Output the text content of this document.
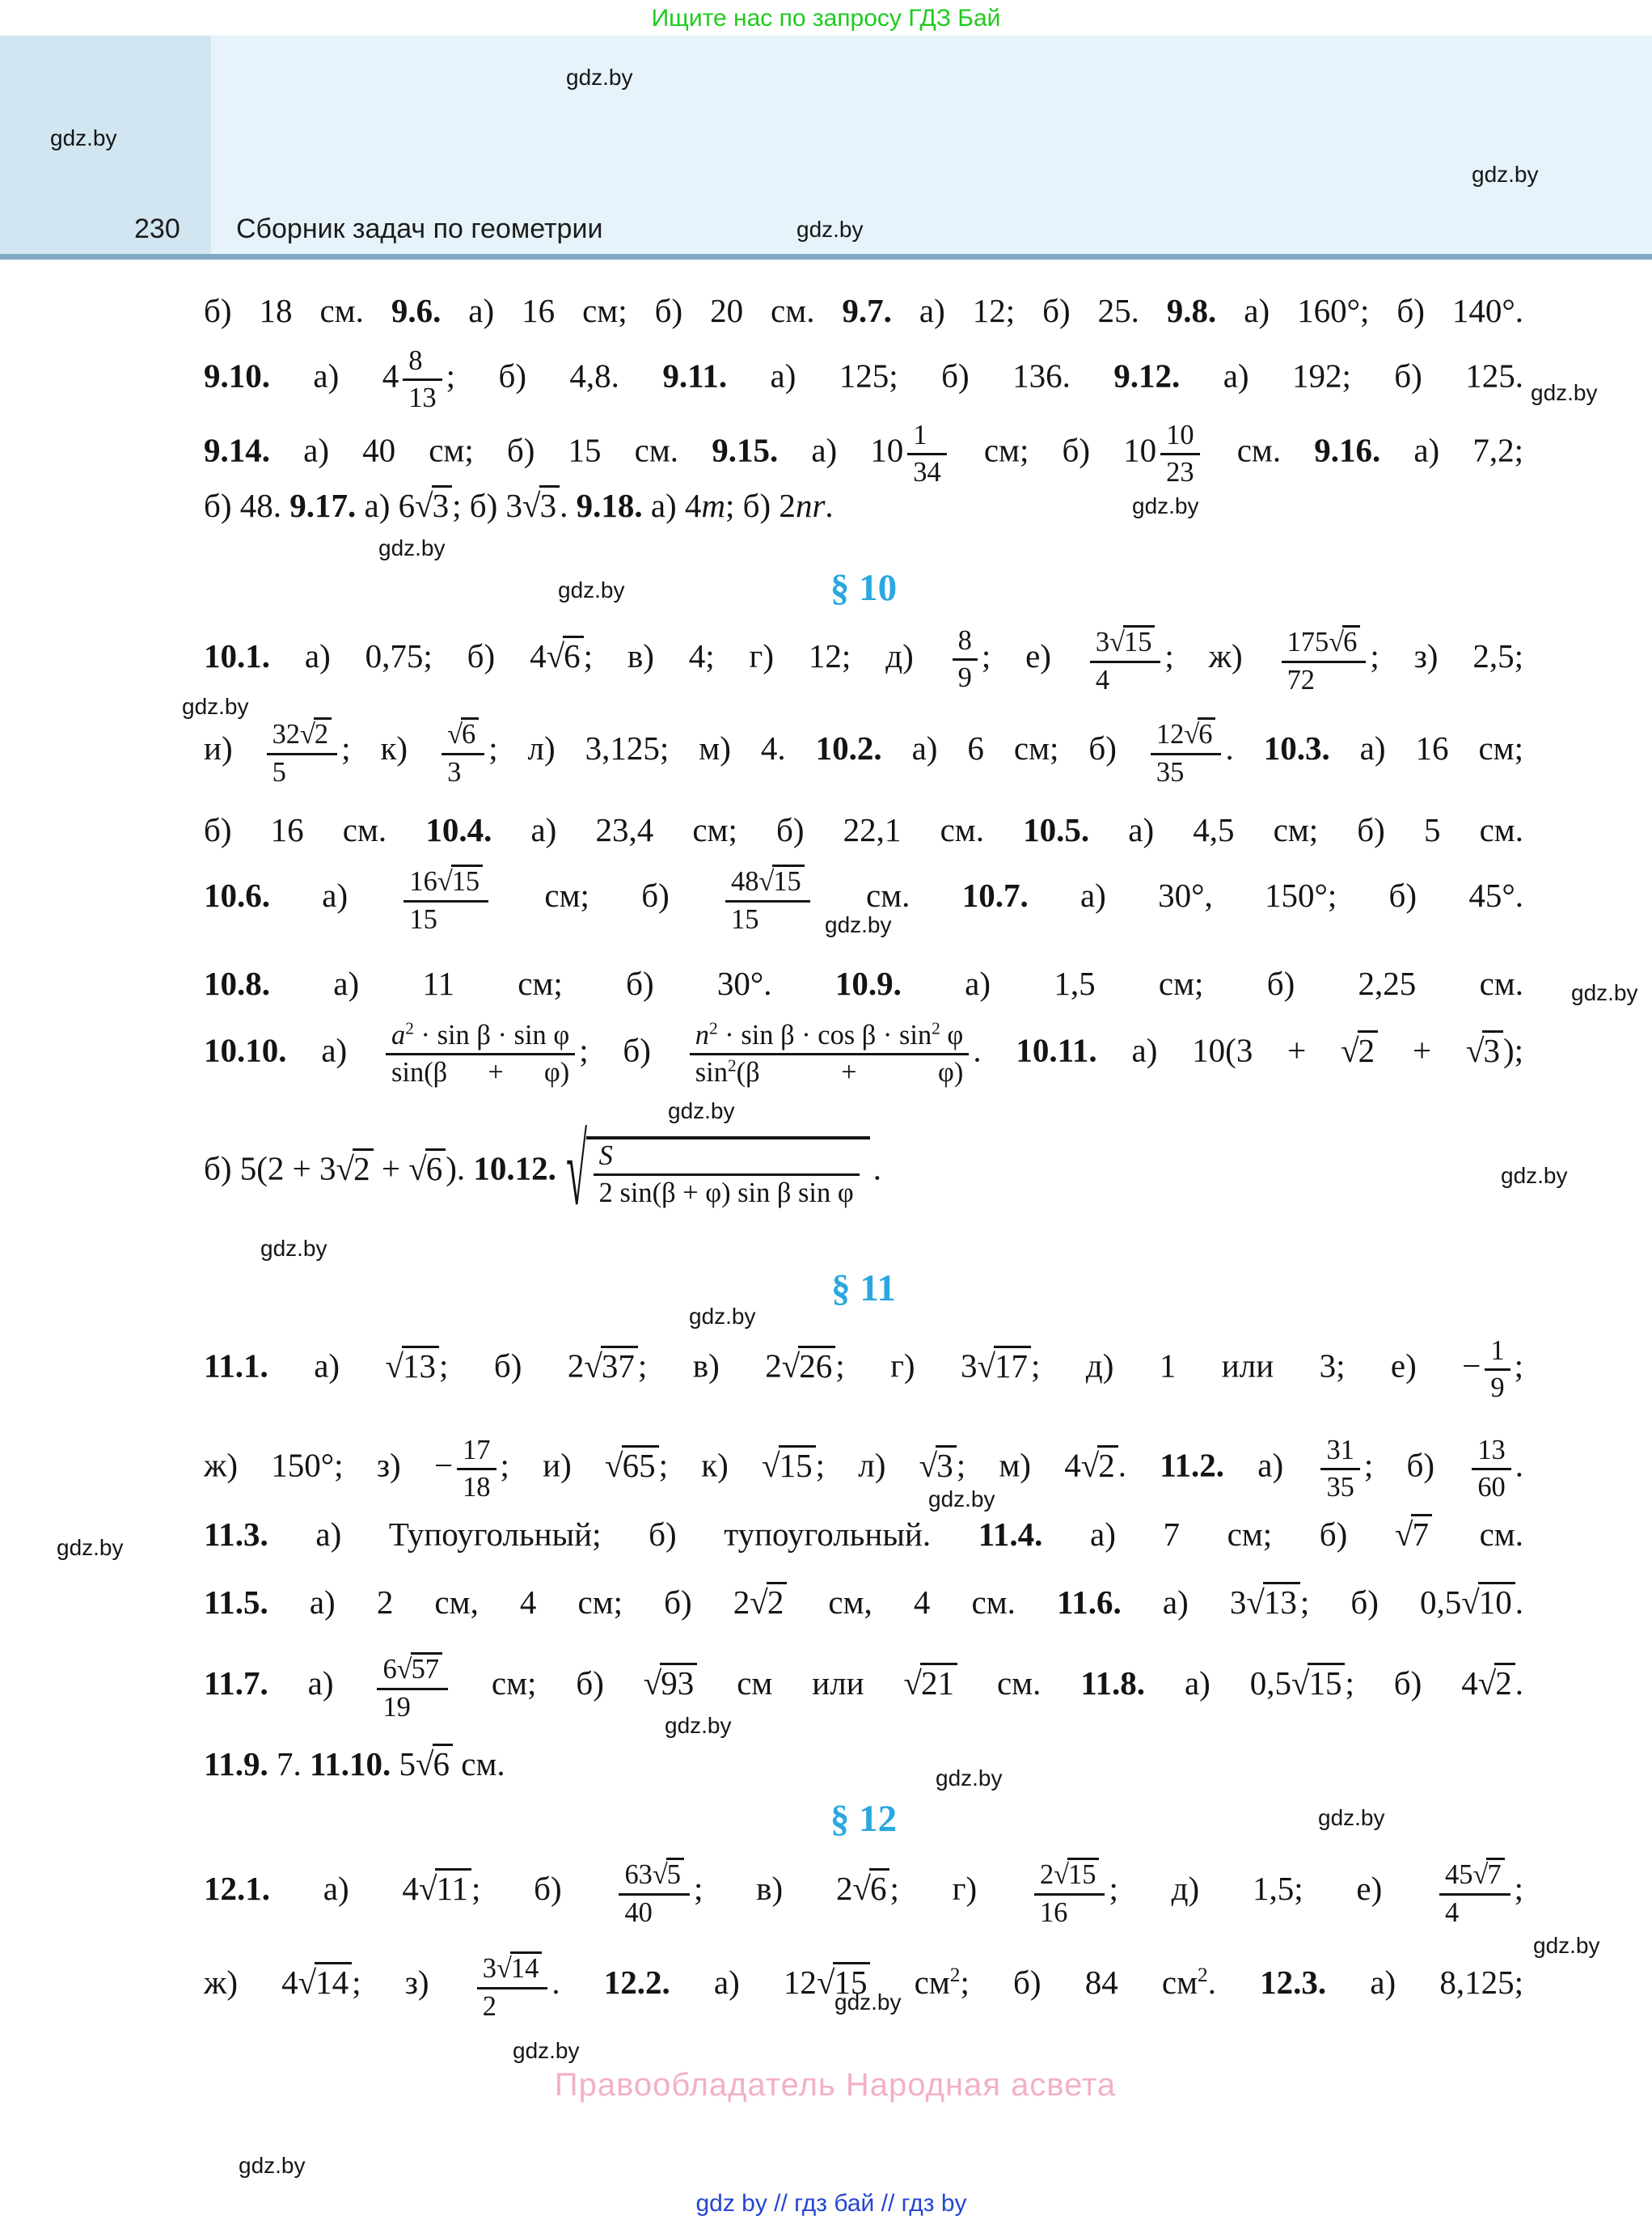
Ищите нас по запросу ГДЗ Бай
230 Сборник задач по геометрии
gdz.by
gdz.by
gdz.by
gdz.by
gdz.by
gdz.by
gdz.by
gdz.by
gdz.by
gdz.by
gdz.by
gdz.by
gdz.by
gdz.by
gdz.by
gdz.by
gdz.by
gdz.by
gdz.by
gdz.by
gdz.by
gdz.by
gdz.by
gdz.by
б) 18 см. 9.6. а) 16 см; б) 20 см. 9.7. а) 12; б) 25. 9.8. а) 160°; б) 140°.
9.10. а) $4 \frac{8}{13}$ ; б) 4,8. 9.11. а) 125; б) 136. 9.12. а) 192; б) 125.
9.14. а) 40 см; б) 15 см. 9.15. а) $10 \frac{1}{34}$ см; б) $10 \frac{10}{23}$ см. 9.16. а) 7,2;
б) 48. 9.17. а) 6√3; б) 3√3. 9.18. а) 4m; б) 2nr.
§ 10
10.1. а) 0,75; б) 4√6; в) 4; г) 12; $д) \frac{8}{9}$ ; $е) \frac{3√15}{4}$ ; $ж) \frac{175√6}{72}$ ; з) 2,5;
$и) \frac{32√2}{5}$ ; $к) \frac{√6}{3}$ ; л) 3,125; м) 4. 10.2. а) 6 см; $б) \frac{12√6}{35}$ . 10.3. а) 16 см;
б) 16 см. 10.4. а) 23,4 см; б) 22,1 см. 10.5. а) 4,5 см; б) 5 см.
10.6. $а) \frac{16√15}{15}$ см; $б) \frac{48√15}{15}$ см. 10.7. а) 30°, 150°; б) 45°.
10.8. а) 11 см; б) 30°. 10.9. а) 1,5 см; б) 2,25 см.
10.10. $а) \frac{a^2 \cdot \sin \beta \cdot \sin \varphi}{\sin(\beta + \varphi)}$ ; $б) \frac{n^2 \cdot \sin \beta \cdot \cos \beta \cdot \sin^2 \varphi}{\sin^2(\beta + \varphi)}$ . 10.11. а) 10(3 + √2 + √3);
б) 5(2 + 3√2 + √6). 10.12. √ $\frac{S}{\text{2 sin(β + φ) sin β sin φ}}$ .
§ 11
11.1. а) √13; б) 2√37; в) 2√26; г) 3√17; д) 1 или 3; $е) - \frac{1}{9}$ ;
ж) 150°; $з) - \frac{17}{18}$ ; и) √65; к) √15; л) √3; м) 4√2. 11.2. $а) \frac{31}{35}$ ; $б) \frac{13}{60}$ .
11.3. а) Тупоугольный; б) тупоугольный. 11.4. а) 7 см; б) √7 см.
11.5. а) 2 см, 4 см; б) 2√2 см, 4 см. 11.6. а) 3√13; б) 0,5√10.
11.7. $а) \frac{6√57}{19}$ см; б) √93 см или √21 см. 11.8. а) 0,5√15; б) 4√2.
11.9. 7. 11.10. 5√6 см.
§ 12
12.1. а) 4√11; $б) \frac{63√5}{40}$ ; в) 2√6; $г) \frac{2√15}{16}$ ; д) 1,5; $е) \frac{45√7}{4}$ ;
ж) 4√14; $з) \frac{3√14}{2}$ . 12.2. а) 12√15 $см^2$; б) 84 $см^2$. 12.3. а) 8,125;
Правообладатель Народная асвета
gdz by // гдз бай // гдз by
